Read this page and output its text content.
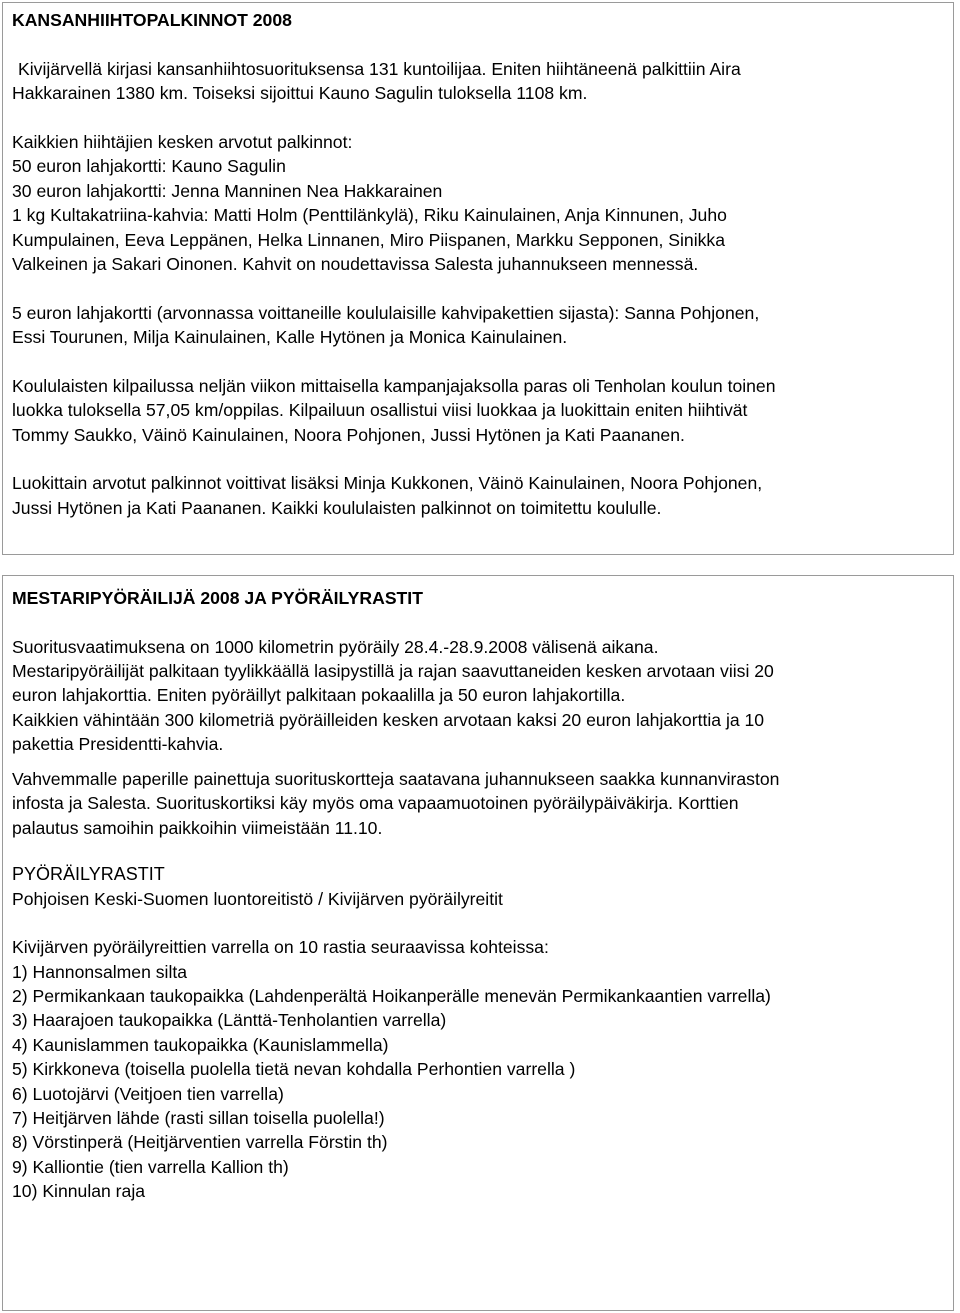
KANSANHIIHTOPALKINNOT 2008

Kivijärvellä kirjasi kansanhiihtosuorituksensa 131 kuntoilijaa. Eniten hiihtäneenä palkittiin Aira

Hakkarainen 1380 km. Toiseksi sijoittui Kauno Sagulin tuloksella 1108 km.

Kaikkien hiihtäjien kesken arvotut palkinnot:

50 euron lahjakortti: Kauno Sagulin

30 euron lahjakortti: Jenna Manninen Nea Hakkarainen

1 kg Kultakatriina-kahvia: Matti Holm (Penttilänkylä), Riku Kainulainen, Anja Kinnunen, Juho

Kumpulainen, Eeva Leppänen, Helka Linnanen, Miro Piispanen, Markku Sepponen, Sinikka

Valkeinen ja Sakari Oinonen. Kahvit on noudettavissa Salesta juhannukseen mennessä.

5 euron lahjakortti (arvonnassa voittaneille koululaisille kahvipakettien sijasta): Sanna Pohjonen,

Essi Tourunen, Milja Kainulainen, Kalle Hytönen ja Monica Kainulainen.

Koululaisten kilpailussa neljän viikon mittaisella kampanjajaksolla paras oli Tenholan koulun toinen

luokka tuloksella 57,05 km/oppilas. Kilpailuun osallistui viisi luokkaa ja luokittain eniten hiihtivät

Tommy Saukko, Väinö Kainulainen, Noora Pohjonen, Jussi Hytönen ja Kati Paananen.

Luokittain arvotut palkinnot voittivat lisäksi Minja Kukkonen, Väinö Kainulainen, Noora Pohjonen,

Jussi Hytönen ja Kati Paananen. Kaikki koululaisten palkinnot on toimitettu koululle.

MESTARIPYÖRÄILIJÄ 2008 JA PYÖRÄILYRASTIT

Suoritusvaatimuksena on 1000 kilometrin pyöräily 28.4.-28.9.2008 välisenä aikana.

Mestaripyöräilijät palkitaan tyylikkäällä lasipystillä ja rajan saavuttaneiden kesken arvotaan viisi 20

euron lahjakorttia. Eniten pyöräillyt palkitaan pokaalilla ja 50 euron lahjakortilla.

Kaikkien vähintään 300 kilometriä pyöräilleiden kesken arvotaan kaksi 20 euron lahjakorttia ja 10

pakettia Presidentti-kahvia.

Vahvemmalle paperille painettuja suorituskortteja saatavana juhannukseen saakka kunnanviraston

infosta ja Salesta. Suorituskortiksi käy myös oma vapaamuotoinen pyöräilypäiväkirja. Korttien

palautus samoihin paikkoihin viimeistään 11.10.

PYÖRÄILYRASTIT

Pohjoisen Keski-Suomen luontoreitistö / Kivijärven pyöräilyreitit

Kivijärven pyöräilyreittien varrella on 10 rastia seuraavissa kohteissa:

1) Hannonsalmen silta

2) Permikankaan taukopaikka (Lahdenperältä Hoikanperälle menevän Permikankaantien varrella)

3) Haarajoen taukopaikka (Länttä-Tenholantien varrella)

4) Kaunislammen taukopaikka (Kaunislammella)

5) Kirkkoneva (toisella puolella tietä nevan kohdalla Perhontien varrella )

6) Luotojärvi (Veitjoen tien varrella)

7) Heitjärven lähde (rasti sillan toisella puolella!)

8) Vörstinperä (Heitjärventien varrella Förstin th)

9) Kalliontie (tien varrella Kallion th)

10) Kinnulan raja
